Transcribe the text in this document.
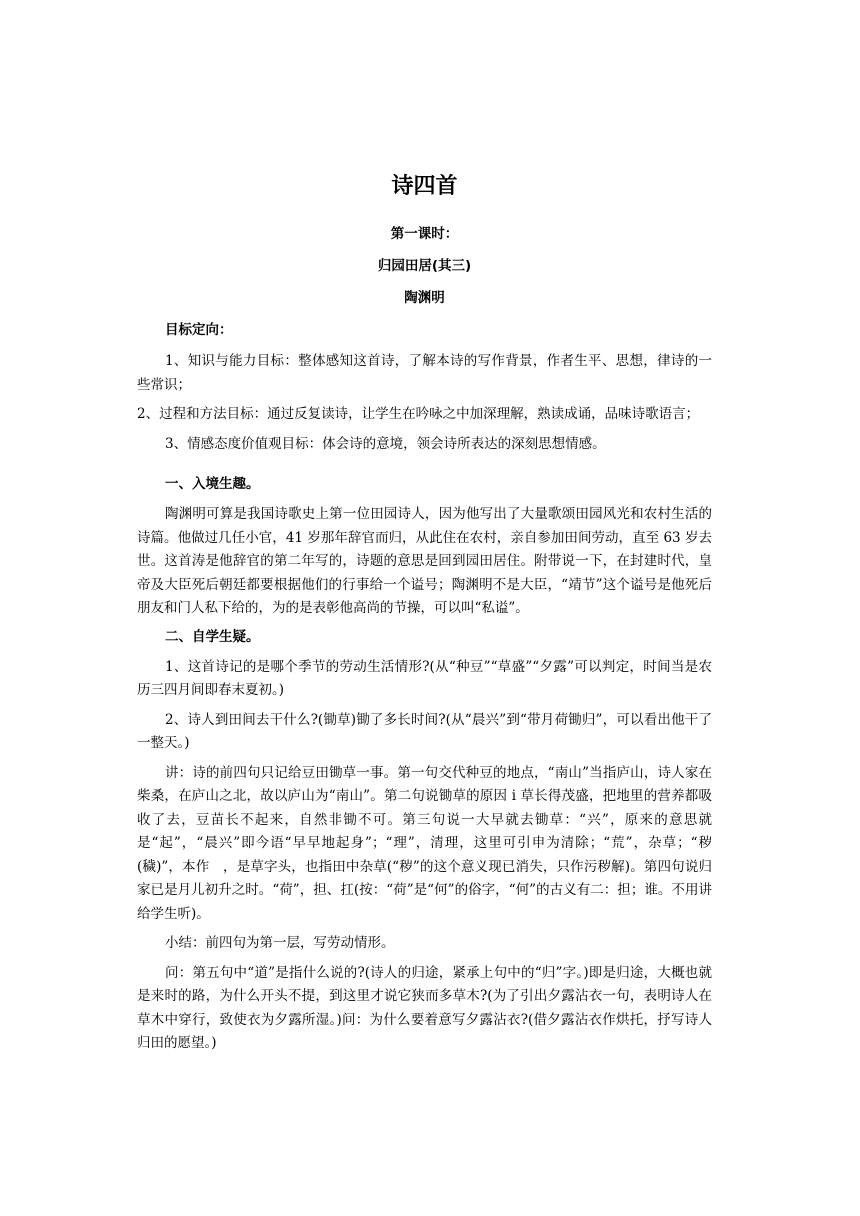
诗四首
第一课时：
归园田居(其三)
陶渊明
目标定向：

1、知识与能力目标：整体感知这首诗，了解本诗的写作背景，作者生平、思想，律诗的一些常识；

2、过程和方法目标：通过反复读诗，让学生在吟咏之中加深理解，熟读成诵，品味诗歌语言；

3、情感态度价值观目标：体会诗的意境，领会诗所表达的深刻思想情感。

一、入境生趣。

陶渊明可算是我国诗歌史上第一位田园诗人，因为他写出了大量歌颂田园风光和农村生活的诗篇。他做过几任小官，41 岁那年辞官而归，从此住在农村，亲自参加田间劳动，直至 63 岁去世。这首涛是他辞官的第二年写的，诗题的意思是回到园田居住。附带说一下，在封建时代，皇帝及大臣死后朝廷都要根据他们的行事给一个谥号；陶渊明不是大臣，“靖节”这个谥号是他死后朋友和门人私下给的，为的是表彰他高尚的节操，可以叫“私谥”。

二、自学生疑。

1、这首诗记的是哪个季节的劳动生活情形?(从“种豆”“草盛”“夕露”可以判定，时间当是农历三四月间即春末夏初。)

2、诗人到田间去干什么?(锄草)锄了多长时间?(从“晨兴”到“带月荷锄归”，可以看出他干了一整天。)

讲：诗的前四句只记给豆田锄草一事。第一句交代种豆的地点，“南山”当指庐山，诗人家在柴桑，在庐山之北，故以庐山为“南山”。第二句说锄草的原因 i 草长得茂盛，把地里的营养都吸收了去，豆苗长不起来，自然非锄不可。第三句说一大早就去锄草：“兴”，原来的意思就是“起”，“晨兴”即今语“早早地起身”；“理”，清理，这里可引申为清除；“荒”，杂草；“秽(穢)”，本作　，是草字头，也指田中杂草(“秽”的这个意义现已消失，只作污秽解)。第四句说归家已是月儿初升之时。“荷”，担、扛(按：“荷”是“何”的俗字，“何”的古义有二：担；谁。不用讲给学生听)。

小结：前四句为第一层，写劳动情形。

问：第五句中“道”是指什么说的?(诗人的归途，紧承上句中的“归”字。)即是归途，大概也就是来时的路，为什么开头不提，到这里才说它狭而多草木?(为了引出夕露沾衣一句，表明诗人在草木中穿行，致使衣为夕露所湿。)问：为什么要着意写夕露沾衣?(借夕露沾衣作烘托，抒写诗人归田的愿望。)
